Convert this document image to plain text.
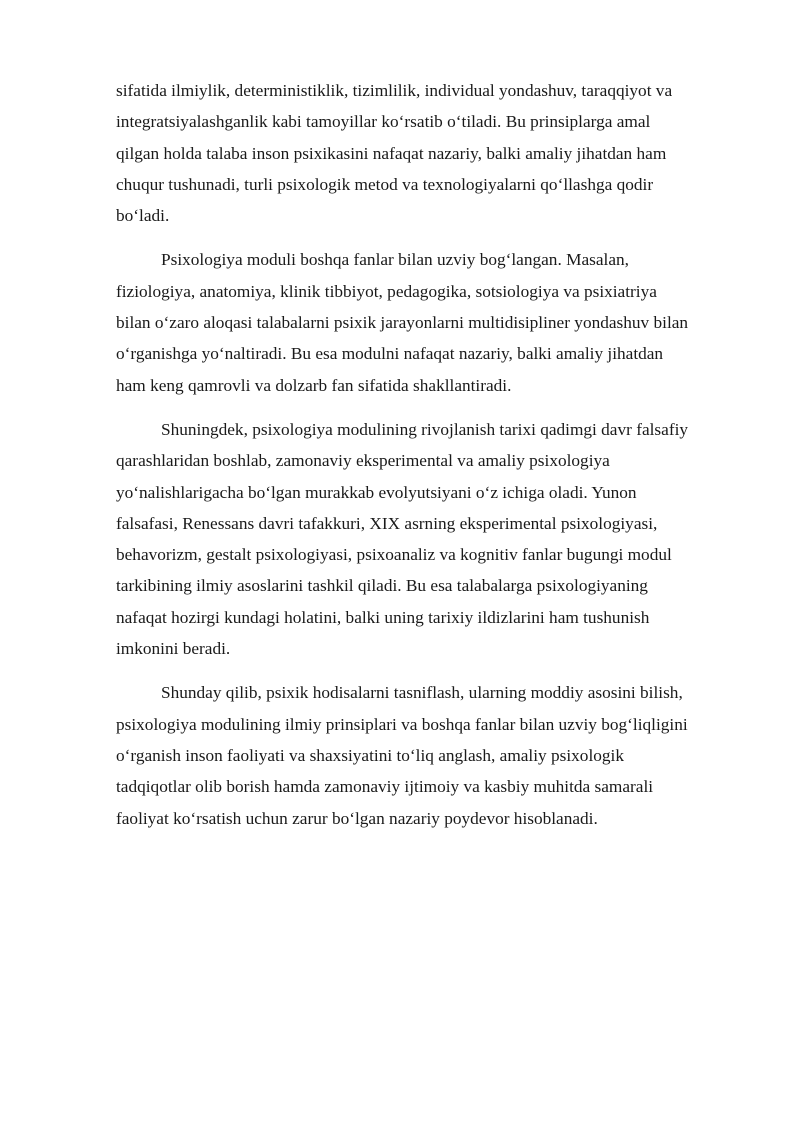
sifatida ilmiylik, deterministiklik, tizimlilik, individual yondashuv, taraqqiyot va
integratsiyalashganlik kabi tamoyillar ko‘rsatib o‘tiladi. Bu prinsiplarga amal
qilgan holda talaba inson psixikasini nafaqat nazariy, balki amaliy jihatdan ham
chuqur tushunadi, turli psixologik metod va texnologiyalarni qo‘llashga qodir
bo‘ladi.

Psixologiya moduli boshqa fanlar bilan uzviy bog‘langan. Masalan,
fiziologiya, anatomiya, klinik tibbiyot, pedagogika, sotsiologiya va psixiatriya
bilan o‘zaro aloqasi talabalarni psixik jarayonlarni multidisipliner yondashuv bilan
o‘rganishga yo‘naltiradi. Bu esa modulni nafaqat nazariy, balki amaliy jihatdan
ham keng qamrovli va dolzarb fan sifatida shakllantiradi.

Shuningdek, psixologiya modulining rivojlanish tarixi qadimgi davr falsafiy
qarashlaridan boshlab, zamonaviy eksperimental va amaliy psixologiya
yo‘nalishlarigacha bo‘lgan murakkab evolyutsiyani o‘z ichiga oladi. Yunon
falsafasi, Renessans davri tafakkuri, XIX asrning eksperimental psixologiyasi,
behavorizm, gestalt psixologiyasi, psixoanaliz va kognitiv fanlar bugungi modul
tarkibining ilmiy asoslarini tashkil qiladi. Bu esa talabalarga psixologiyaning
nafaqat hozirgi kundagi holatini, balki uning tarixiy ildizlarini ham tushunish
imkonini beradi.

Shunday qilib, psixik hodisalarni tasniflash, ularning moddiy asosini bilish,
psixologiya modulining ilmiy prinsiplari va boshqa fanlar bilan uzviy bog‘liqligini
o‘rganish inson faoliyati va shaxsiyatini to‘liq anglash, amaliy psixologik
tadqiqotlar olib borish hamda zamonaviy ijtimoiy va kasbiy muhitda samarali
faoliyat ko‘rsatish uchun zarur bo‘lgan nazariy poydevor hisoblanadi.
